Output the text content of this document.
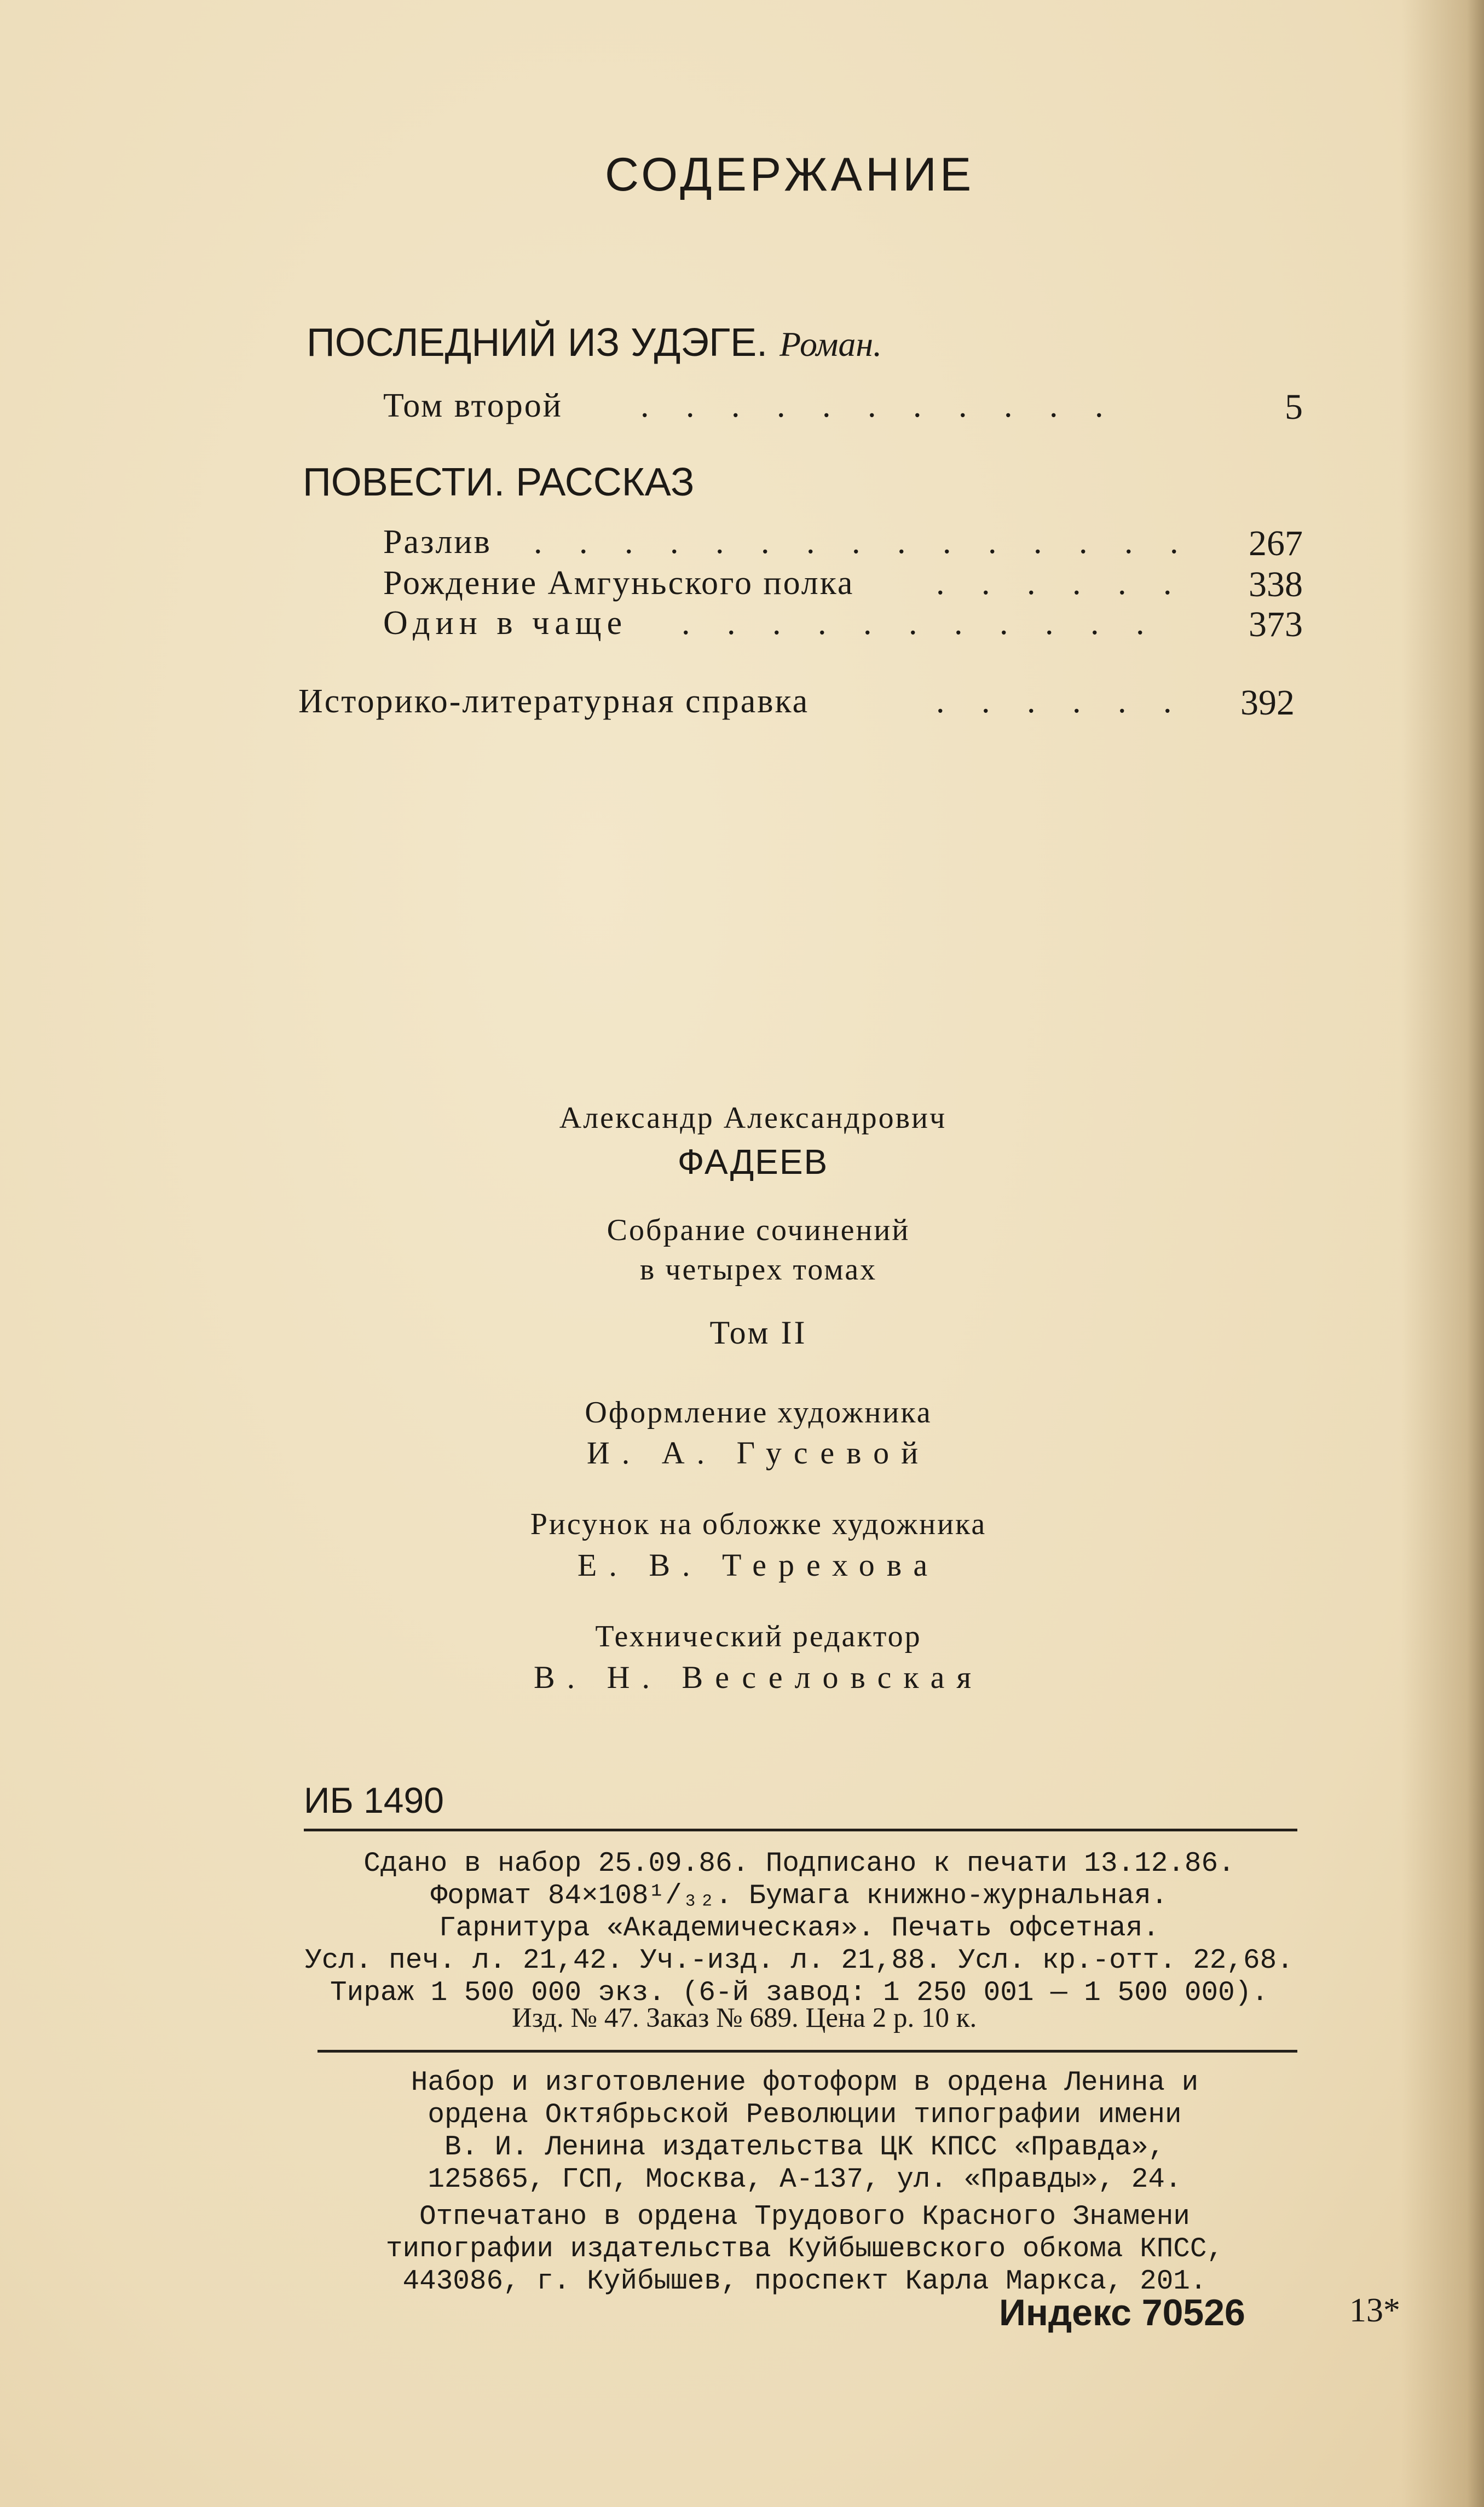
СОДЕРЖАНИЕ
ПОСЛЕДНИЙ ИЗ УДЭГЕ. Роман.
Том второй . . . . . . . . . . .	5
ПОВЕСТИ. РАССКАЗ
Разлив . . . . . . . . . . . . . . .	267
Рождение Амгуньского полка . . . . . .	338
Один в чаще . . . . . . . . . . .	373
Историко-литературная справка	. . . . . .	392
Александр Александрович
ФАДЕЕВ
Собрание сочинений
в четырех томах
Том II
Оформление художника
И. А. Гусевой
Рисунок на обложке художника
Е. В. Терехова
Технический редактор
В. Н. Веселовская
ИБ 1490
Сдано в набор 25.09.86. Подписано к печати 13.12.86.
Формат 84×108¹/₃₂. Бумага книжно-журнальная.
Гарнитура «Академическая». Печать офсетная.
Усл. печ. л. 21,42. Уч.-изд. л. 21,88. Усл. кр.-отт. 22,68.
Тираж 1 500 000 экз. (6-й завод: 1 250 001 — 1 500 000).
Изд. № 47. Заказ № 689. Цена 2 р. 10 к.
Набор и изготовление фотоформ в ордена Ленина и
ордена Октябрьской Революции типографии имени
В. И. Ленина издательства ЦК КПСС «Правда»,
125865, ГСП, Москва, А-137, ул. «Правды», 24.
Отпечатано в ордена Трудового Красного Знамени
типографии издательства Куйбышевского обкома КПСС,
443086, г. Куйбышев, проспект Карла Маркса, 201.
Индекс 70526	13*
